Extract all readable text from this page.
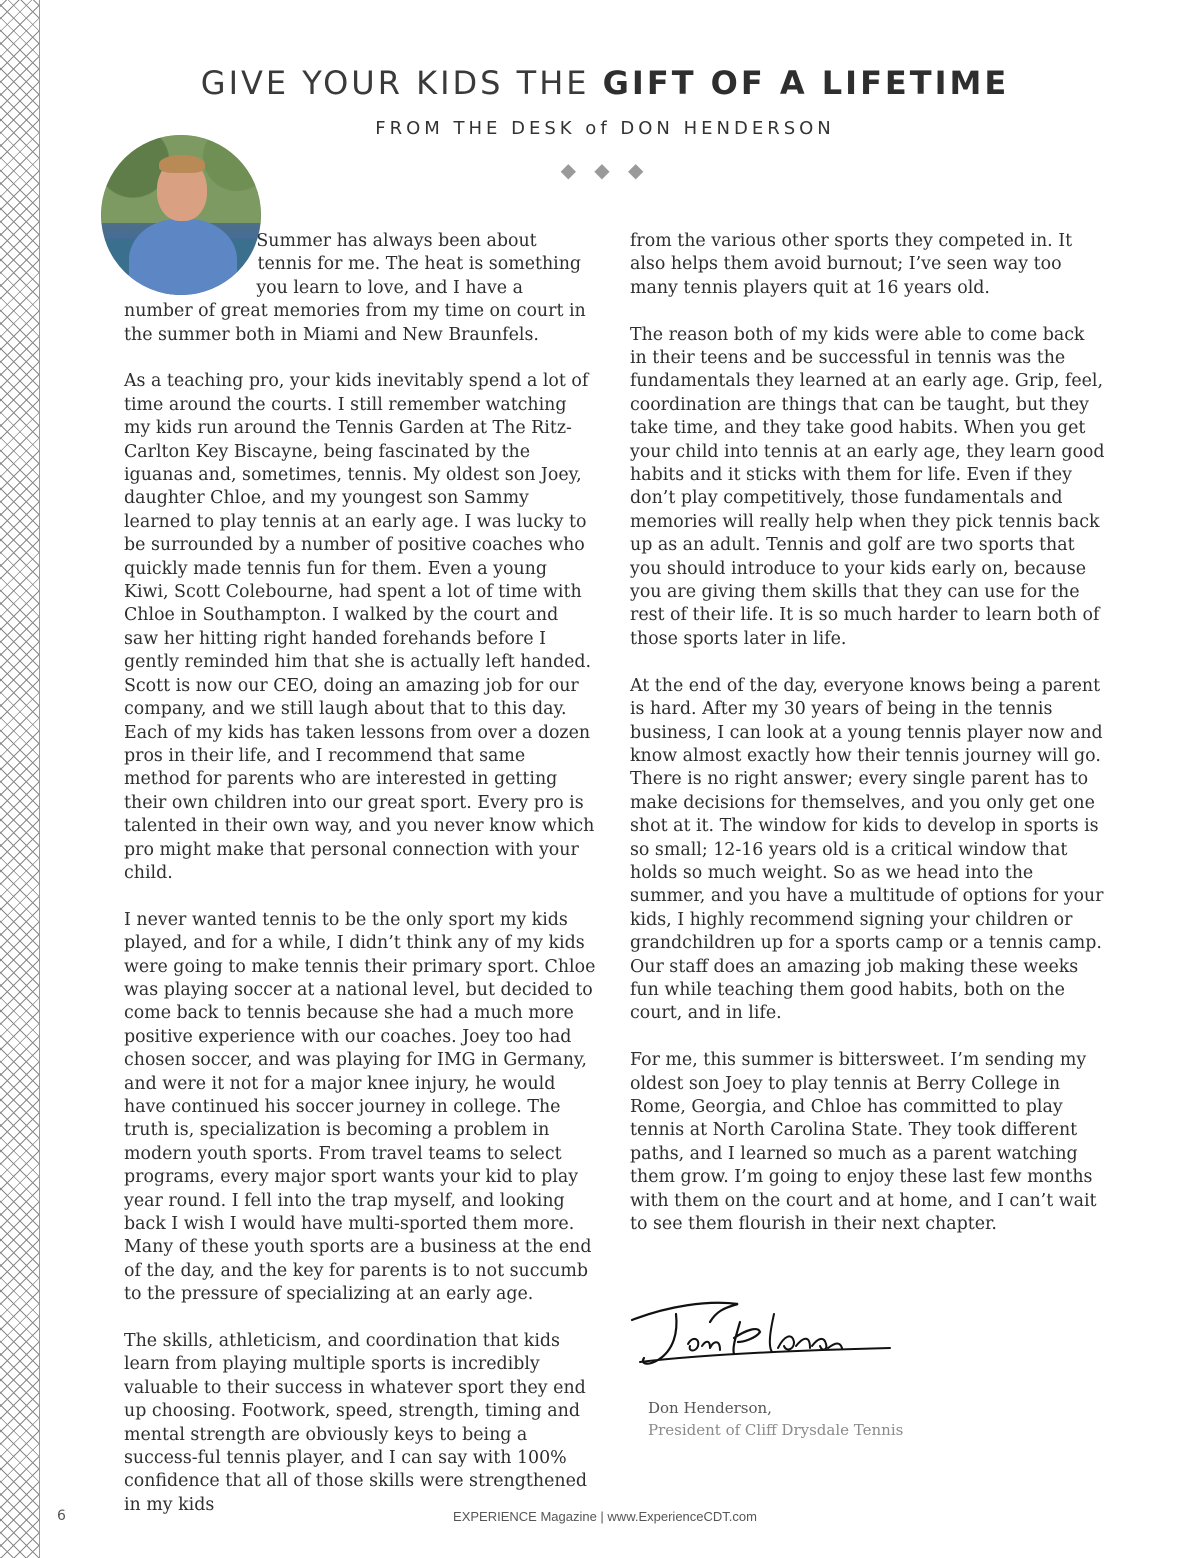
GIVE YOUR KIDS THE GIFT OF A LIFETIME
FROM THE DESK of DON HENDERSON
◆ ◆ ◆

Summer has always been about tennis for me. The heat is something you learn to love, and I have a number of great memories from my time on court in the summer both in Miami and New Braunfels.

As a teaching pro, your kids inevitably spend a lot of time around the courts. I still remember watching my kids run around the Tennis Garden at The Ritz-Carlton Key Biscayne, being fascinated by the iguanas and, sometimes, tennis. My oldest son Joey, daughter Chloe, and my youngest son Sammy learned to play tennis at an early age. I was lucky to be surrounded by a number of positive coaches who quickly made tennis fun for them. Even a young Kiwi, Scott Colebourne, had spent a lot of time with Chloe in Southampton. I walked by the court and saw her hitting right handed forehands before I gently reminded him that she is actually left handed. Scott is now our CEO, doing an amazing job for our company, and we still laugh about that to this day. Each of my kids has taken lessons from over a dozen pros in their life, and I recommend that same method for parents who are interested in getting their own children into our great sport. Every pro is talented in their own way, and you never know which pro might make that personal connection with your child.

I never wanted tennis to be the only sport my kids played, and for a while, I didn’t think any of my kids were going to make tennis their primary sport. Chloe was playing soccer at a national level, but decided to come back to tennis because she had a much more positive experience with our coaches. Joey too had chosen soccer, and was playing for IMG in Germany, and were it not for a major knee injury, he would have continued his soccer journey in college. The truth is, specialization is becoming a problem in modern youth sports. From travel teams to select programs, every major sport wants your kid to play year round. I fell into the trap myself, and looking back I wish I would have multi-sported them more. Many of these youth sports are a business at the end of the day, and the key for parents is to not succumb to the pressure of specializing at an early age.

The skills, athleticism, and coordination that kids learn from playing multiple sports is incredibly valuable to their success in whatever sport they end up choosing. Footwork, speed, strength, timing and mental strength are obviously keys to being a success-ful tennis player, and I can say with 100% confidence that all of those skills were strengthened in my kids

from the various other sports they competed in. It also helps them avoid burnout; I’ve seen way too many tennis players quit at 16 years old.

The reason both of my kids were able to come back in their teens and be successful in tennis was the fundamentals they learned at an early age. Grip, feel, coordination are things that can be taught, but they take time, and they take good habits. When you get your child into tennis at an early age, they learn good habits and it sticks with them for life. Even if they don’t play competitively, those fundamentals and memories will really help when they pick tennis back up as an adult. Tennis and golf are two sports that you should introduce to your kids early on, because you are giving them skills that they can use for the rest of their life. It is so much harder to learn both of those sports later in life.

At the end of the day, everyone knows being a parent is hard. After my 30 years of being in the tennis business, I can look at a young tennis player now and know almost exactly how their tennis journey will go. There is no right answer; every single parent has to make decisions for themselves, and you only get one shot at it. The window for kids to develop in sports is so small; 12-16 years old is a critical window that holds so much weight. So as we head into the summer, and you have a multitude of options for your kids, I highly recommend signing your children or grandchildren up for a sports camp or a tennis camp. Our staff does an amazing job making these weeks fun while teaching them good habits, both on the court, and in life.

For me, this summer is bittersweet. I’m sending my oldest son Joey to play tennis at Berry College in Rome, Georgia, and Chloe has committed to play tennis at North Carolina State. They took different paths, and I learned so much as a parent watching them grow. I’m going to enjoy these last few months with them on the court and at home, and I can’t wait to see them flourish in their next chapter.

Don Henderson,
President of Cliff Drysdale Tennis
6	EXPERIENCE Magazine | www.ExperienceCDT.com
